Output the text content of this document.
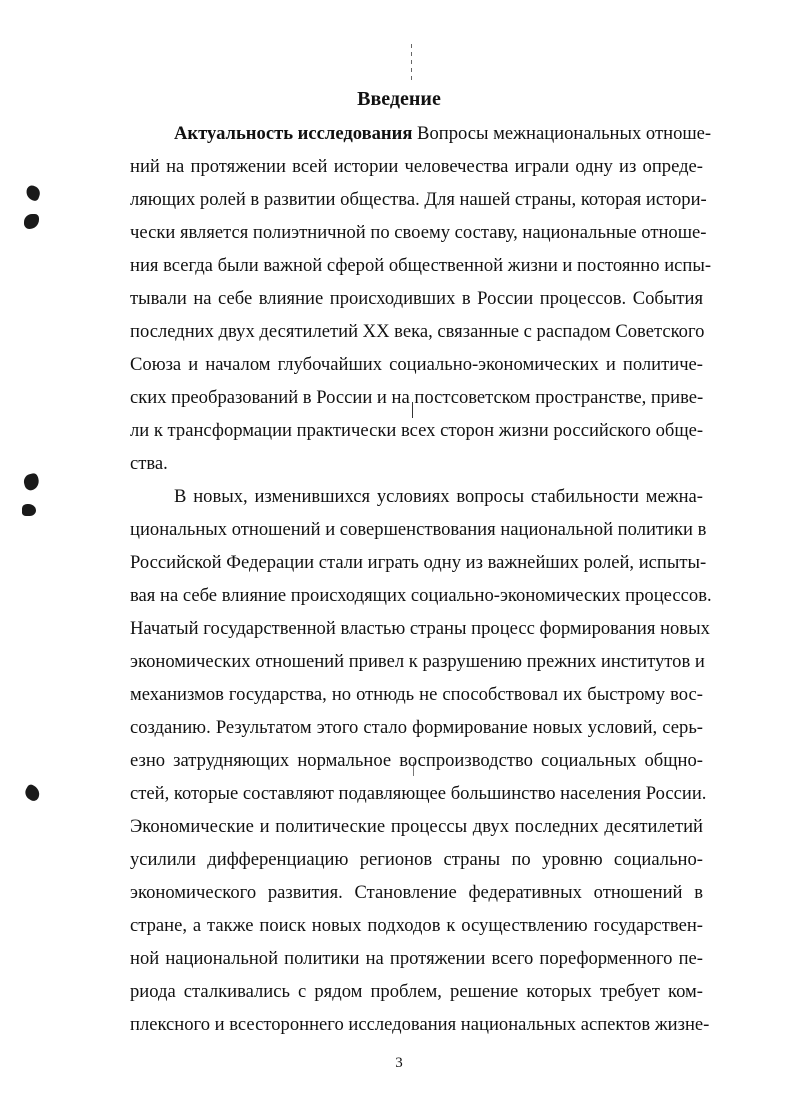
Введение
Актуальность исследования Вопросы межнациональных отноше-
ний на протяжении всей истории человечества играли одну из опреде-
ляющих ролей в развитии общества. Для нашей страны, которая истори-
чески является полиэтничной по своему составу, национальные отноше-
ния всегда были важной сферой общественной жизни и постоянно испы-
тывали на себе влияние происходивших в России процессов. События
последних двух десятилетий XX века, связанные с распадом Советского
Союза и началом глубочайших социально-экономических и политиче-
ских преобразований в России и на постсоветском пространстве, приве-
ли к трансформации практически всех сторон жизни российского обще-
ства.
В новых, изменившихся условиях вопросы стабильности межна-
циональных отношений и совершенствования национальной политики в
Российской Федерации стали играть одну из важнейших ролей, испыты-
вая на себе влияние происходящих социально-экономических процессов.
Начатый государственной властью страны процесс формирования новых
экономических отношений привел к разрушению прежних институтов и
механизмов государства, но отнюдь не способствовал их быстрому вос-
созданию. Результатом этого стало формирование новых условий, серь-
езно затрудняющих нормальное воспроизводство социальных общно-
стей, которые составляют подавляющее большинство населения России.
Экономические и политические процессы двух последних десятилетий
усилили дифференциацию регионов страны по уровню социально-
экономического развития. Становление федеративных отношений в
стране, а также поиск новых подходов к осуществлению государствен-
ной национальной политики на протяжении всего пореформенного пе-
риода сталкивались с рядом проблем, решение которых требует ком-
плексного и всестороннего исследования национальных аспектов жизне-
3
